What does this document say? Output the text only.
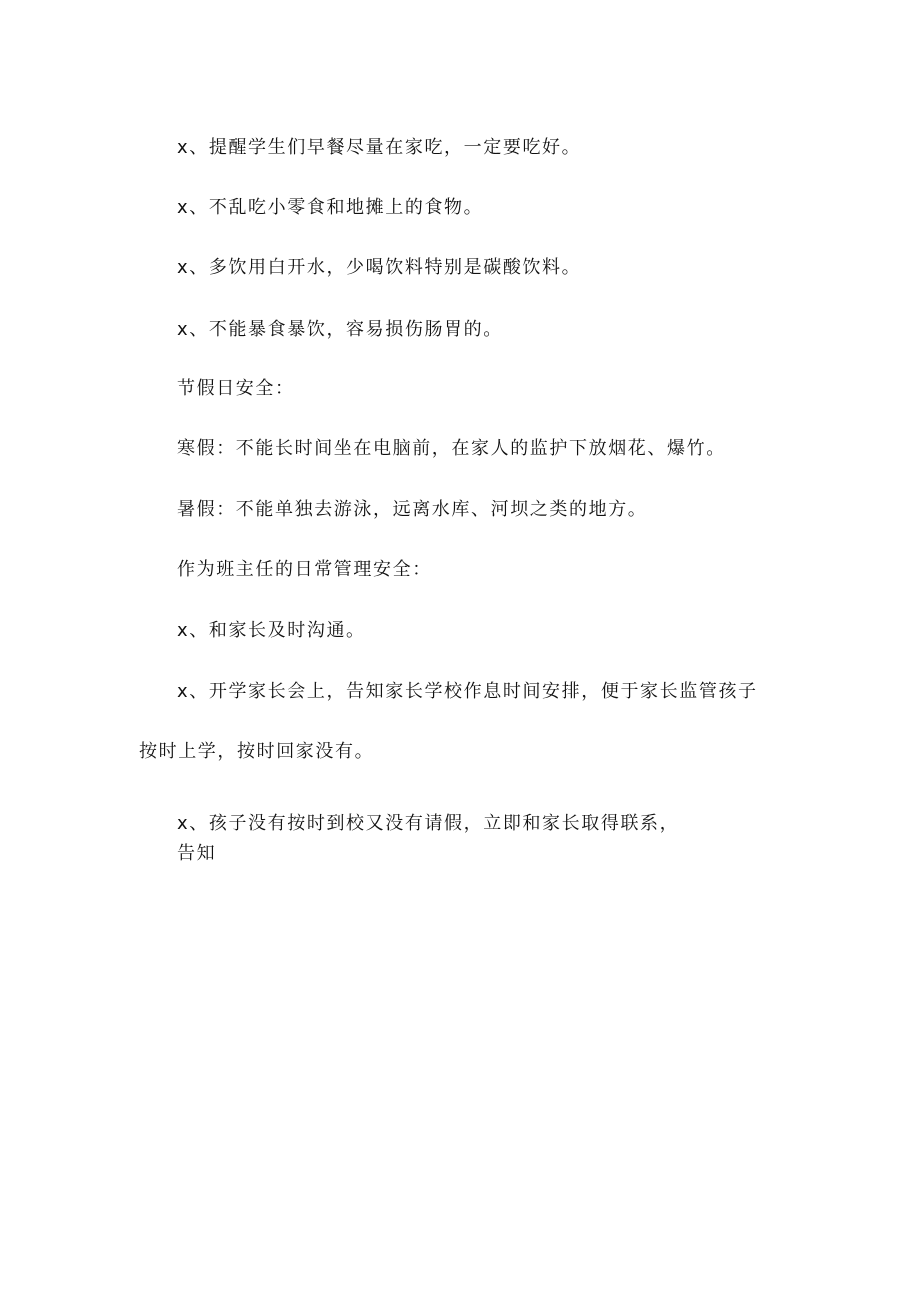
x、提醒学生们早餐尽量在家吃，一定要吃好。
x、不乱吃小零食和地摊上的食物。
x、多饮用白开水，少喝饮料特别是碳酸饮料。
x、不能暴食暴饮，容易损伤肠胃的。
节假日安全：
寒假：不能长时间坐在电脑前，在家人的监护下放烟花、爆竹。
暑假：不能单独去游泳，远离水库、河坝之类的地方。
作为班主任的日常管理安全：
x、和家长及时沟通。
x、开学家长会上，告知家长学校作息时间安排，便于家长监管孩子
按时上学，按时回家没有。
x、孩子没有按时到校又没有请假，立即和家长取得联系，
告知
